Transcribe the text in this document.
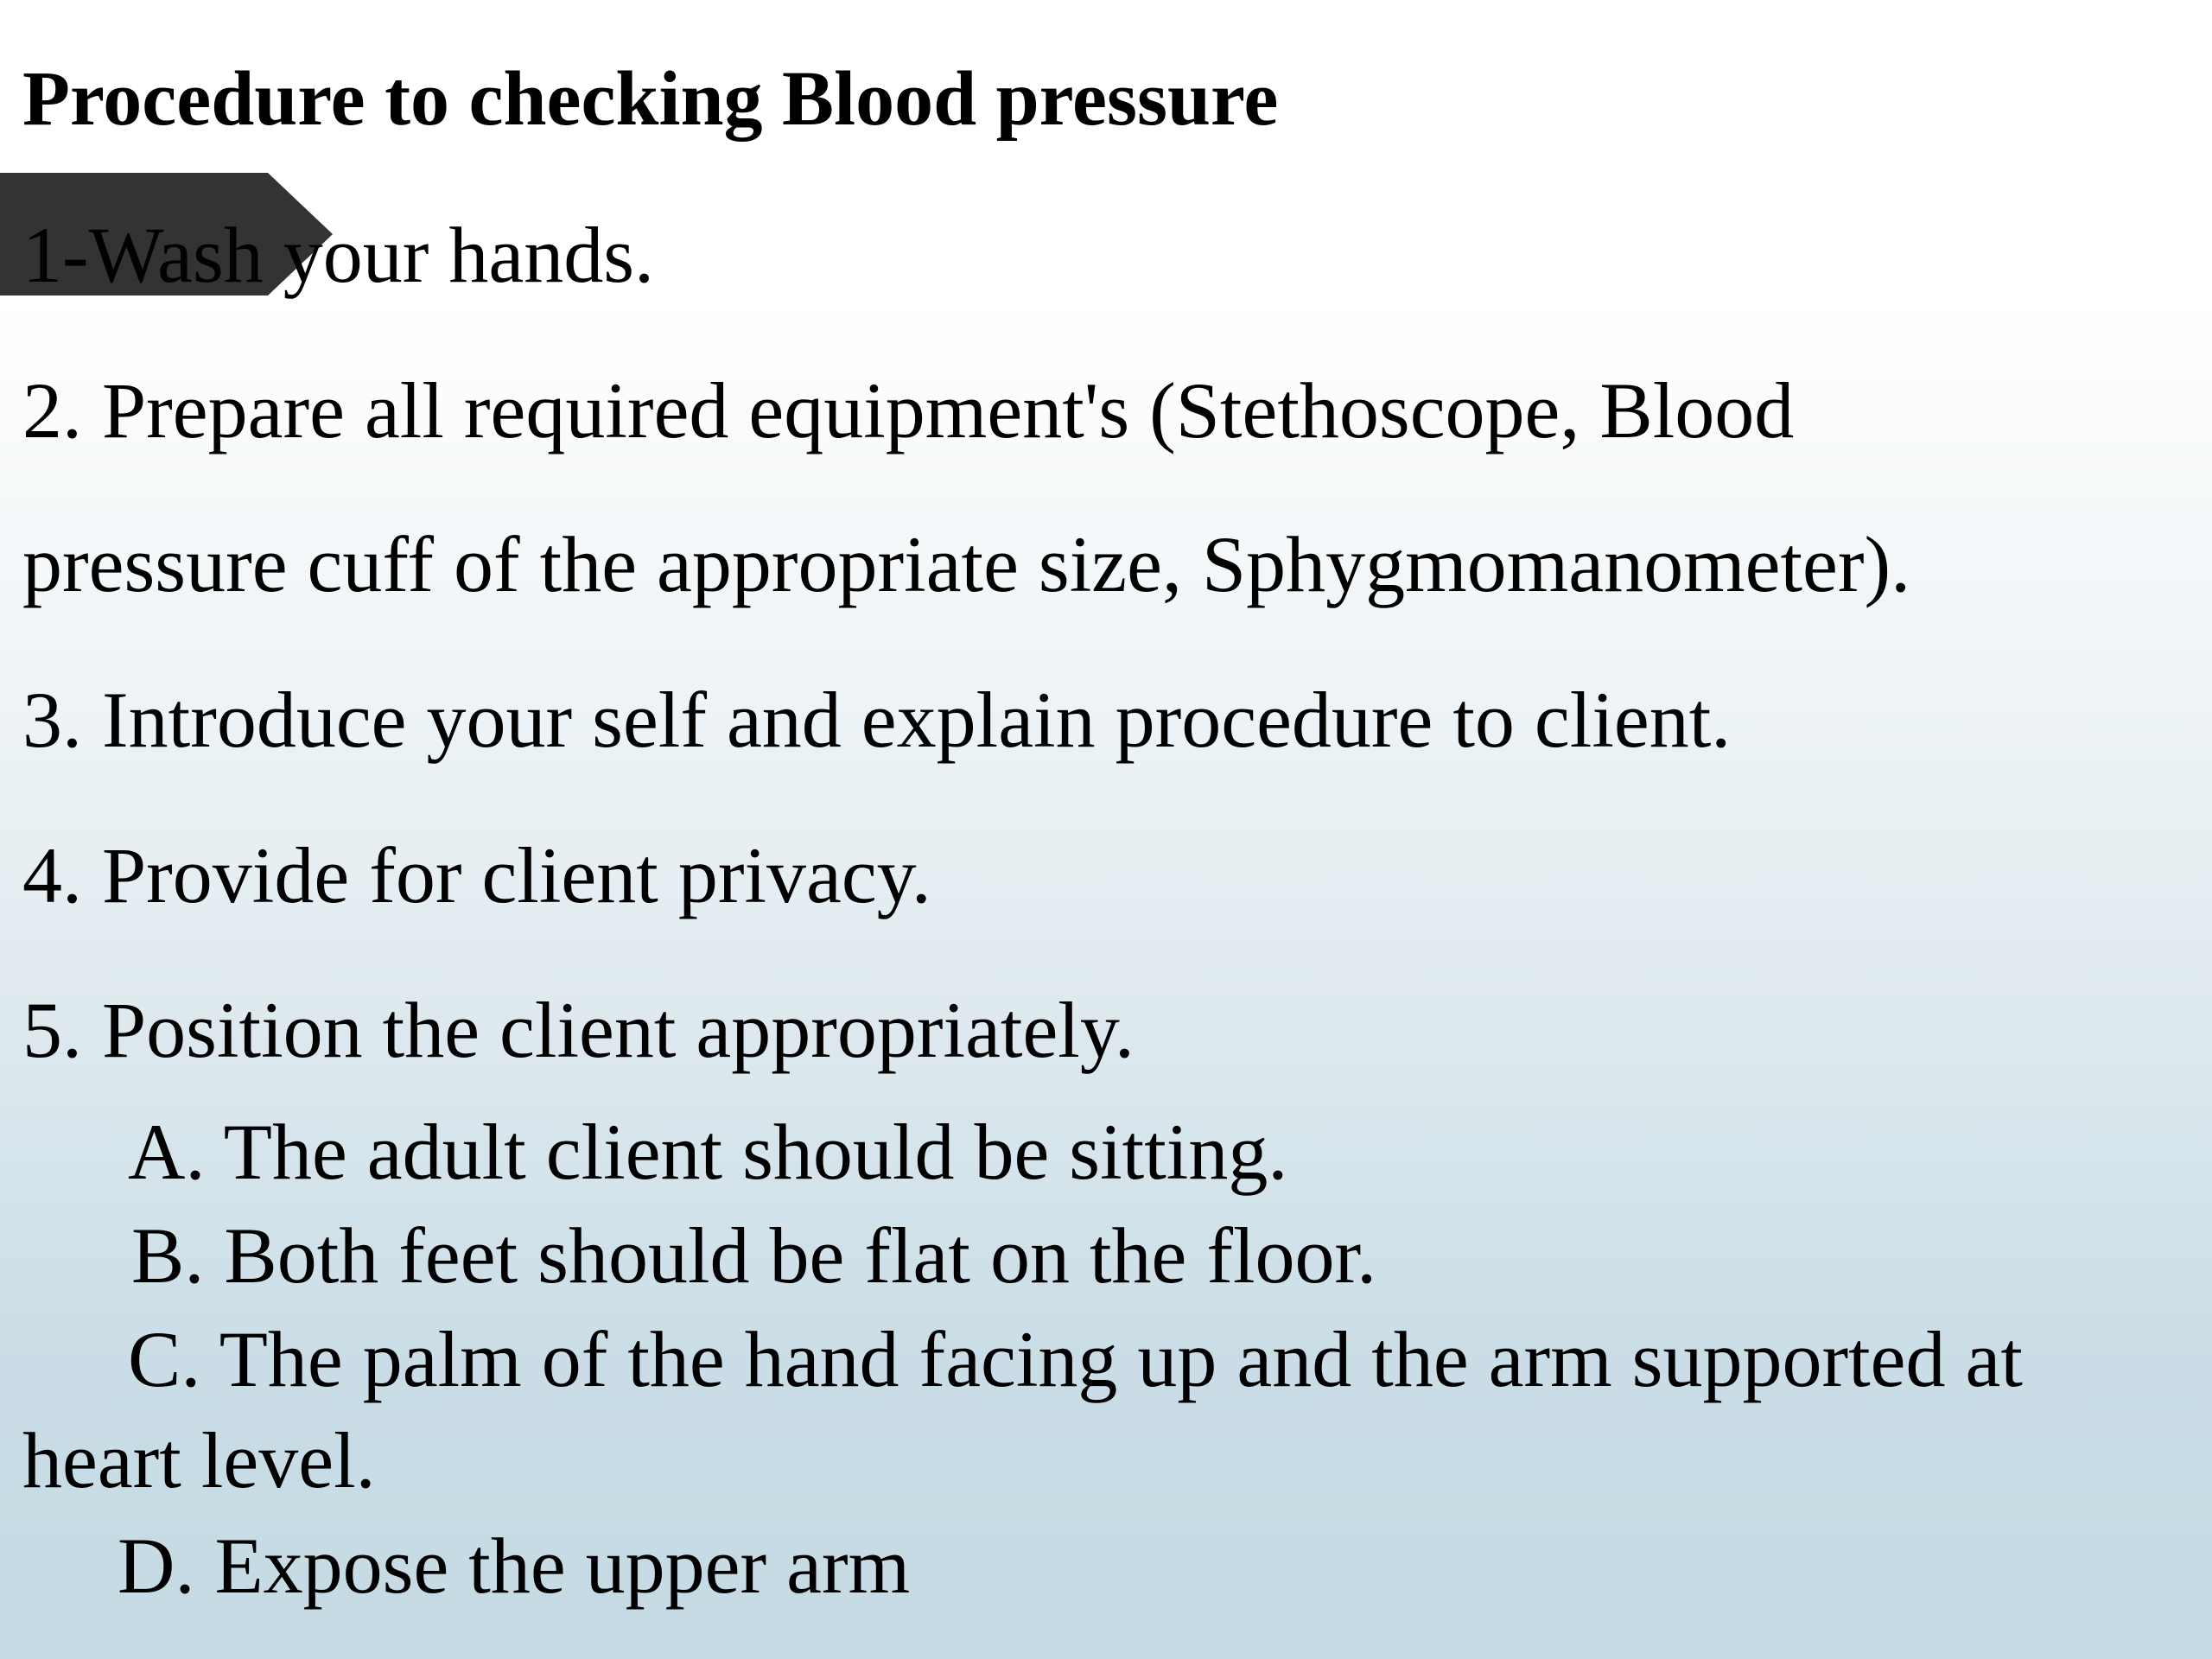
Procedure to checking Blood pressure
1-Wash your hands.
2. Prepare all required equipment's (Stethoscope, Blood
pressure cuff of the appropriate size, Sphygmomanometer).
3. Introduce your self and explain procedure to client.
4. Provide for client privacy.
5. Position the client appropriately.
A. The adult client should be sitting.
B. Both feet should be flat on the floor.
C. The palm of the hand facing up and the arm supported at
heart level.
D. Expose the upper arm
